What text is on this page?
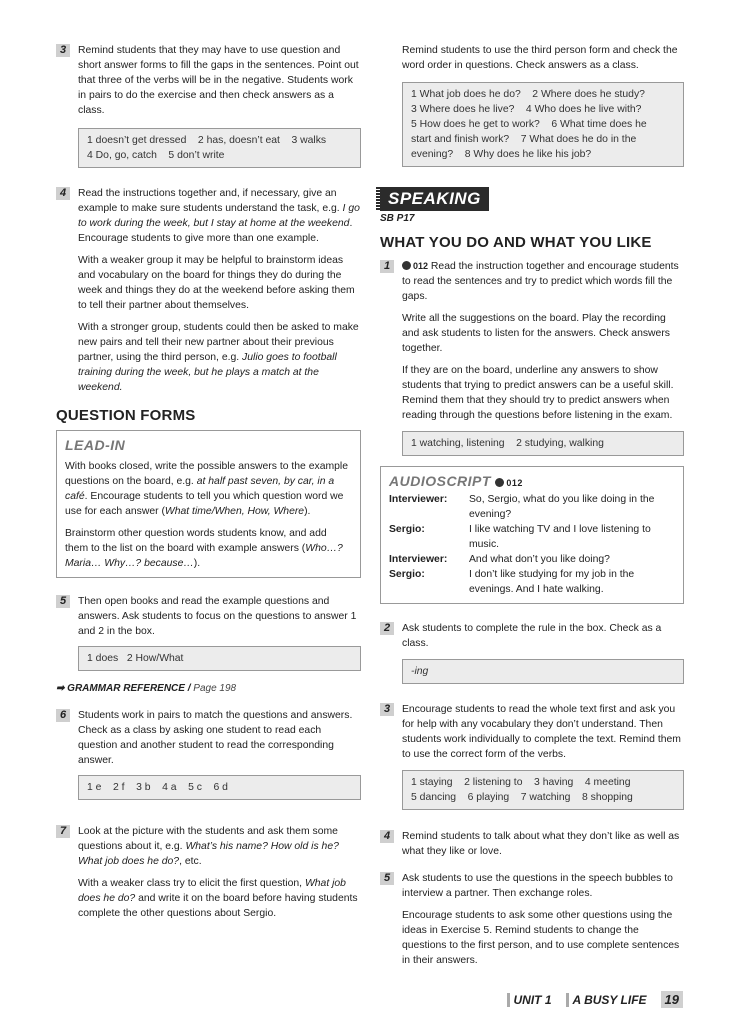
3	Remind students that they may have to use question and short answer forms to fill the gaps in the sentences. Point out that three of the verbs will be in the negative. Students work in pairs to do the exercise and then check answers as a class.

1 doesn’t get dressed    2 has, doesn’t eat    3 walks
4 Do, go, catch    5 don’t write
4	Read the instructions together and, if necessary, give an example to make sure students understand the task, e.g. I go to work during the week, but I stay at home at the weekend. Encourage students to give more than one example.

With a weaker group it may be helpful to brainstorm ideas and vocabulary on the board for things they do during the week and things they do at the weekend before asking them to tell their partner about themselves.

With a stronger group, students could then be asked to make new pairs and tell their new partner about their previous partner, using the third person, e.g. Julio goes to football training during the week, but he plays a match at the weekend.

QUESTION FORMS
LEAD-IN

With books closed, write the possible answers to the example questions on the board, e.g. at half past seven, by car, in a café. Encourage students to tell you which question word we use for each answer (What time/When, How, Where).

Brainstorm other question words students know, and add them to the list on the board with example answers (Who…? Maria… Why…? because…).

5	Then open books and read the example questions and answers. Ask students to focus on the questions to answer 1 and 2 in the box.

1 does   2 How/What
➡ GRAMMAR REFERENCE / Page 198
6	Students work in pairs to match the questions and answers. Check as a class by asking one student to read each question and another student to read the corresponding answer.

1 e    2 f    3 b    4 a    5 c    6 d
7	Look at the picture with the students and ask them some questions about it, e.g. What’s his name? How old is he? What job does he do?, etc.

With a weaker class try to elicit the first question, What job does he do? and write it on the board before having students complete the other questions about Sergio.

Remind students to use the third person form and check the word order in questions. Check answers as a class.

1 What job does he do?    2 Where does he study?
3 Where does he live?    4 Who does he live with?
5 How does he get to work?    6 What time does he
start and finish work?    7 What does he do in the
evening?    8 Why does he like his job?
SPEAKING
SB P17
WHAT YOU DO AND WHAT YOU LIKE
1	012 Read the instruction together and encourage students to read the sentences and try to predict which words fill the gaps.

Write all the suggestions on the board. Play the recording and ask students to listen for the answers. Check answers together.

If they are on the board, underline any answers to show students that trying to predict answers can be a useful skill. Remind them that they should try to predict answers when reading through the questions before listening in the exam.

1 watching, listening    2 studying, walking
AUDIOSCRIPT 012
Interviewer:	So, Sergio, what do you like doing in the evening?
Sergio:	I like watching TV and I love listening to music.
Interviewer:	And what don’t you like doing?
Sergio:	I don’t like studying for my job in the evenings. And I hate walking.
2	Ask students to complete the rule in the box. Check as a class.

-ing
3	Encourage students to read the whole text first and ask you for help with any vocabulary they don’t understand. Then students work individually to complete the text. Remind them to use the correct form of the verbs.

1 staying    2 listening to    3 having    4 meeting
5 dancing    6 playing    7 watching    8 shopping
4	Remind students to talk about what they don’t like as well as what they like or love.

5	Ask students to use the questions in the speech bubbles to interview a partner. Then exchange roles.

Encourage students to ask some other questions using the ideas in Exercise 5. Remind students to change the questions to the first person, and to use complete sentences in their answers.

UNIT 1	A BUSY LIFE	19
